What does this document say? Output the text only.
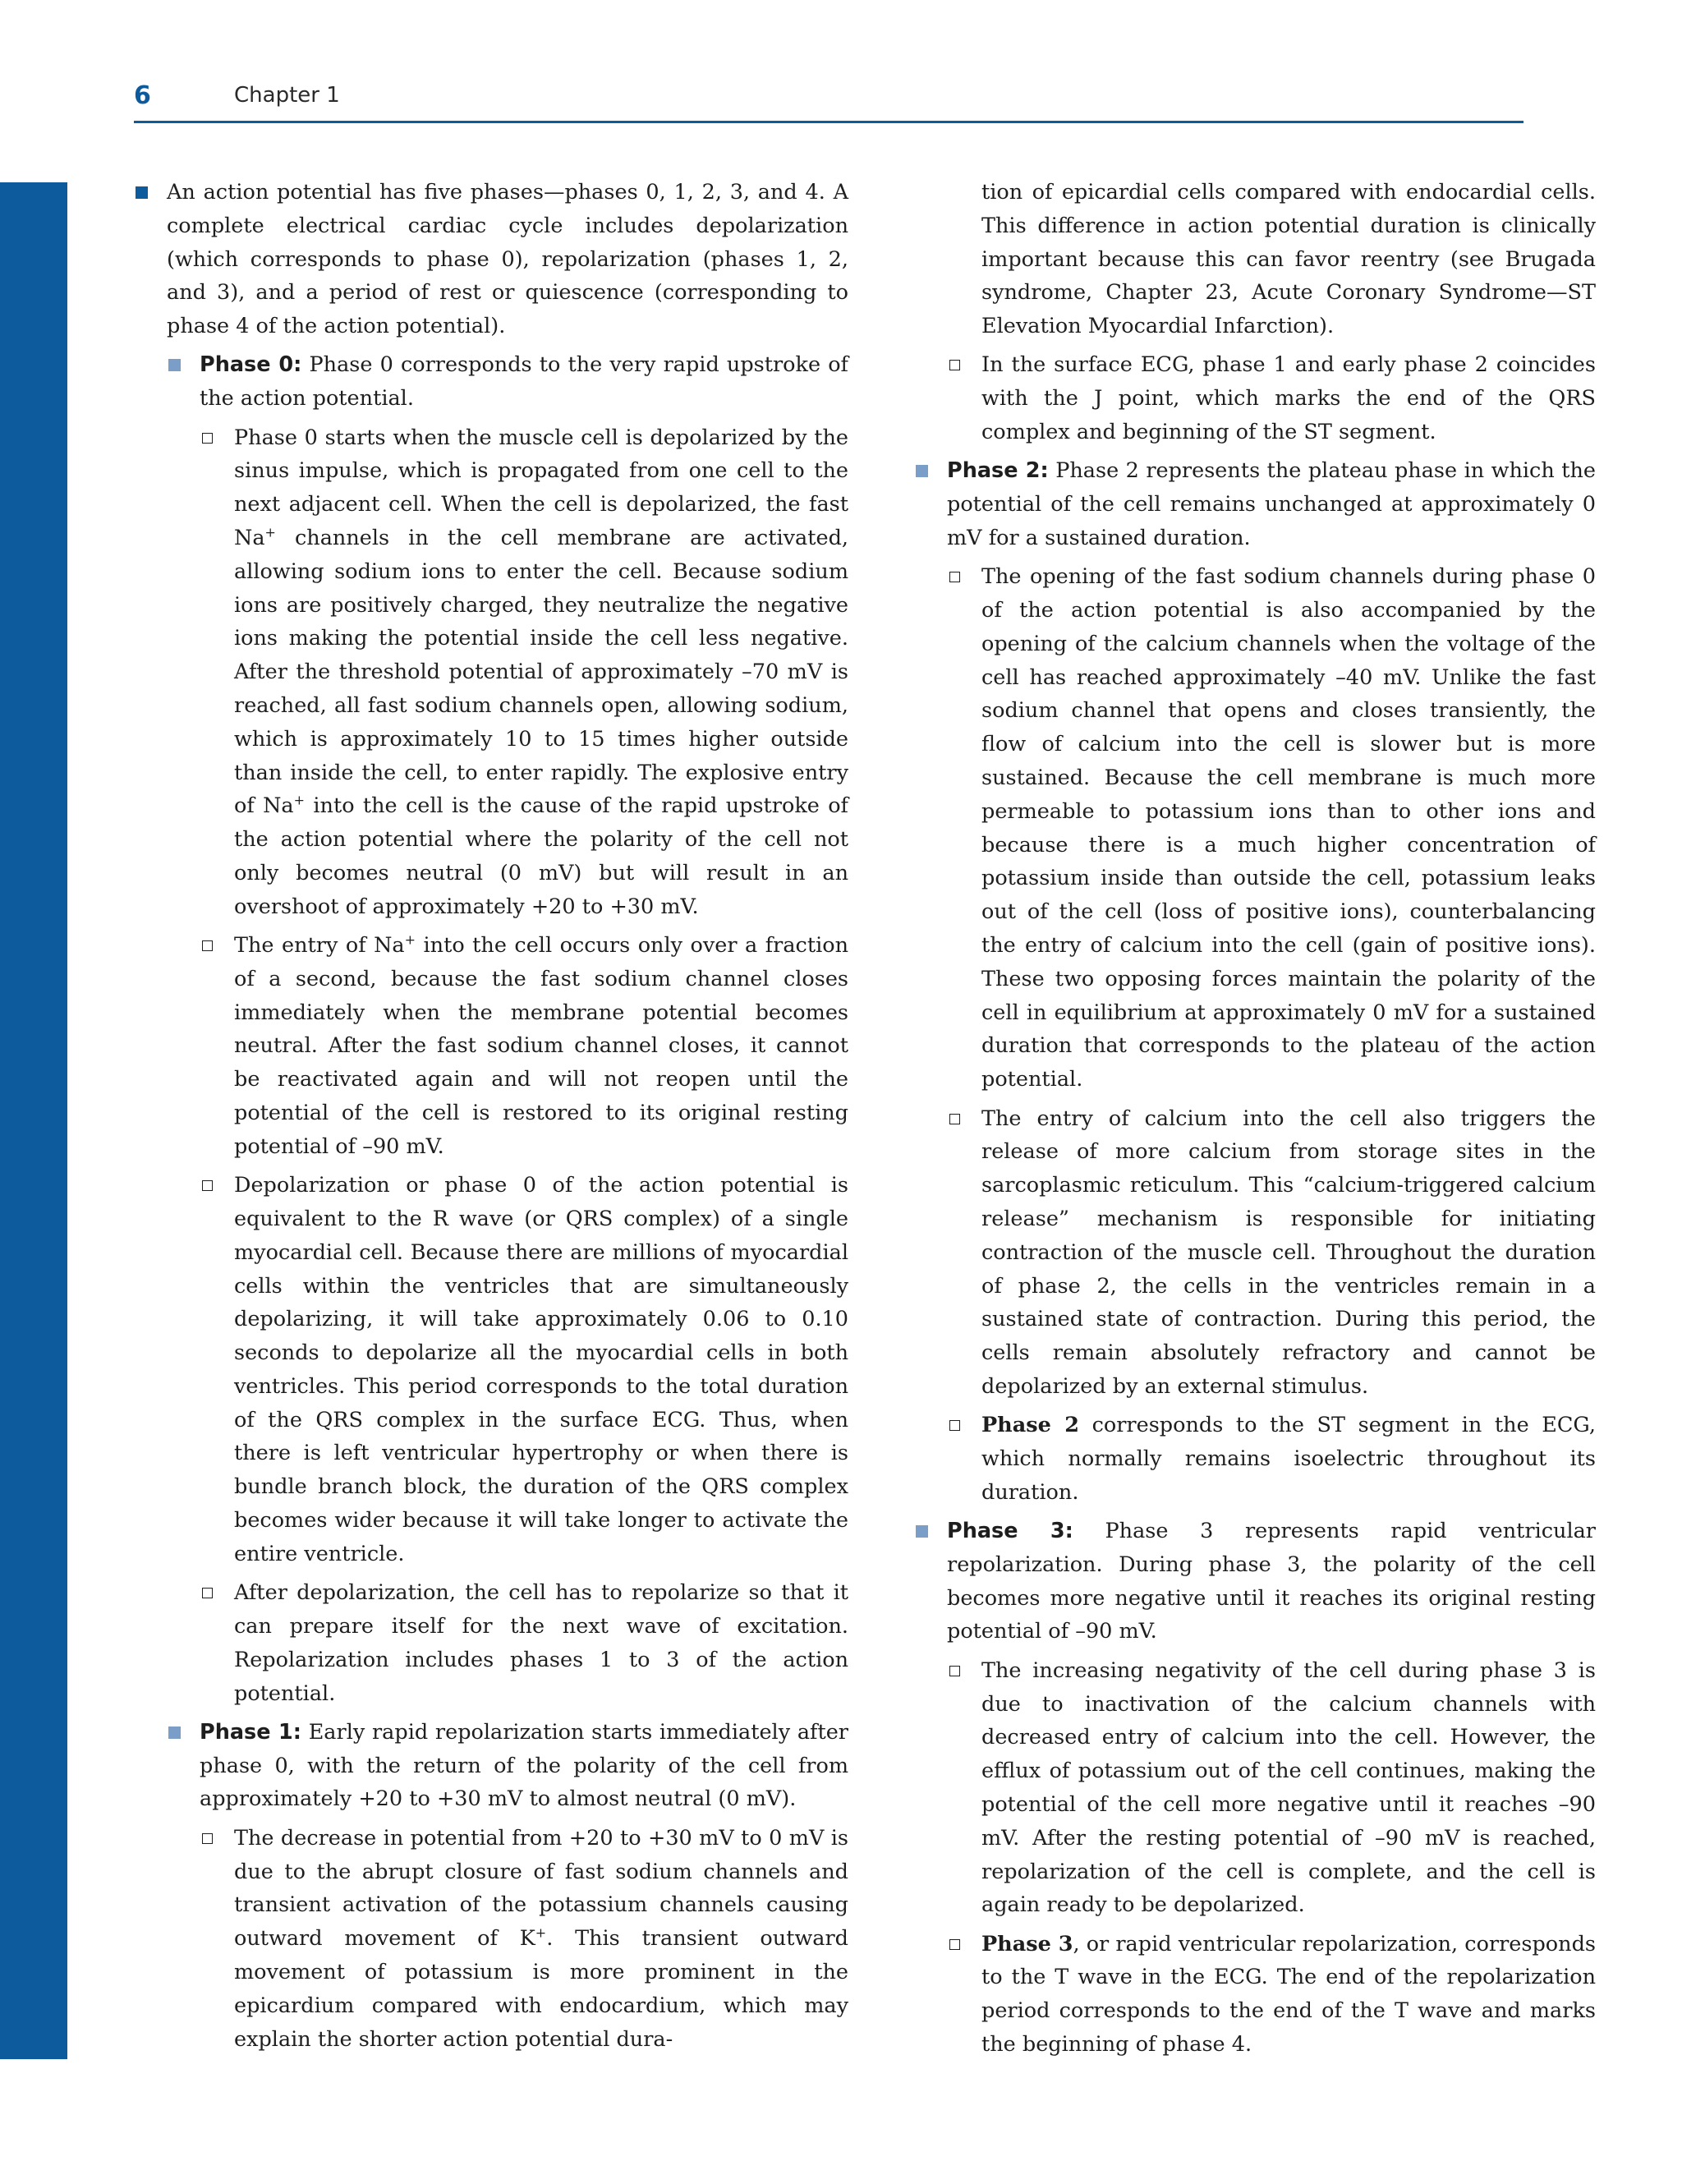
6	Chapter 1

An action potential has five phases—phases 0, 1, 2, 3, and 4. A complete electrical cardiac cycle includes depolarization (which corresponds to phase 0), repolarization (phases 1, 2, and 3), and a period of rest or quiescence (corresponding to phase 4 of the action potential).

Phase 0: Phase 0 corresponds to the very rapid upstroke of the action potential.

Phase 0 starts when the muscle cell is depolarized by the sinus impulse, which is propagated from one cell to the next adjacent cell. When the cell is depolarized, the fast Na+ channels in the cell membrane are activated, allowing sodium ions to enter the cell. Because sodium ions are positively charged, they neutralize the negative ions making the potential inside the cell less negative. After the threshold potential of approximately –70 mV is reached, all fast sodium channels open, allowing sodium, which is approximately 10 to 15 times higher outside than inside the cell, to enter rapidly. The explosive entry of Na+ into the cell is the cause of the rapid upstroke of the action potential where the polarity of the cell not only becomes neutral (0 mV) but will result in an overshoot of approximately +20 to +30 mV.

The entry of Na+ into the cell occurs only over a fraction of a second, because the fast sodium channel closes immediately when the membrane potential becomes neutral. After the fast sodium channel closes, it cannot be reactivated again and will not reopen until the potential of the cell is restored to its original resting potential of –90 mV.

Depolarization or phase 0 of the action potential is equivalent to the R wave (or QRS complex) of a single myocardial cell. Because there are millions of myocardial cells within the ventricles that are simultaneously depolarizing, it will take approximately 0.06 to 0.10 seconds to depolarize all the myocardial cells in both ventricles. This period corresponds to the total duration of the QRS complex in the surface ECG. Thus, when there is left ventricular hypertrophy or when there is bundle branch block, the duration of the QRS complex becomes wider because it will take longer to activate the entire ventricle.

After depolarization, the cell has to repolarize so that it can prepare itself for the next wave of excitation. Repolarization includes phases 1 to 3 of the action potential.

Phase 1: Early rapid repolarization starts immediately after phase 0, with the return of the polarity of the cell from approximately +20 to +30 mV to almost neutral (0 mV).

The decrease in potential from +20 to +30 mV to 0 mV is due to the abrupt closure of fast sodium channels and transient activation of the potassium channels causing outward movement of K+. This transient outward movement of potassium is more prominent in the epicardium compared with endocardium, which may explain the shorter action potential dura-

tion of epicardial cells compared with endocardial cells. This difference in action potential duration is clinically important because this can favor reentry (see Brugada syndrome, Chapter 23, Acute Coronary Syndrome—ST Elevation Myocardial Infarction).

In the surface ECG, phase 1 and early phase 2 coincides with the J point, which marks the end of the QRS complex and beginning of the ST segment.

Phase 2: Phase 2 represents the plateau phase in which the potential of the cell remains unchanged at approximately 0 mV for a sustained duration.

The opening of the fast sodium channels during phase 0 of the action potential is also accompanied by the opening of the calcium channels when the voltage of the cell has reached approximately –40 mV. Unlike the fast sodium channel that opens and closes transiently, the flow of calcium into the cell is slower but is more sustained. Because the cell membrane is much more permeable to potassium ions than to other ions and because there is a much higher concentration of potassium inside than outside the cell, potassium leaks out of the cell (loss of positive ions), counterbalancing the entry of calcium into the cell (gain of positive ions). These two opposing forces maintain the polarity of the cell in equilibrium at approximately 0 mV for a sustained duration that corresponds to the plateau of the action potential.

The entry of calcium into the cell also triggers the release of more calcium from storage sites in the sarcoplasmic reticulum. This “calcium-triggered calcium release” mechanism is responsible for initiating contraction of the muscle cell. Throughout the duration of phase 2, the cells in the ventricles remain in a sustained state of contraction. During this period, the cells remain absolutely refractory and cannot be depolarized by an external stimulus.

Phase 2 corresponds to the ST segment in the ECG, which normally remains isoelectric throughout its duration.

Phase 3: Phase 3 represents rapid ventricular repolarization. During phase 3, the polarity of the cell becomes more negative until it reaches its original resting potential of –90 mV.

The increasing negativity of the cell during phase 3 is due to inactivation of the calcium channels with decreased entry of calcium into the cell. However, the efflux of potassium out of the cell continues, making the potential of the cell more negative until it reaches –90 mV. After the resting potential of –90 mV is reached, repolarization of the cell is complete, and the cell is again ready to be depolarized.

Phase 3, or rapid ventricular repolarization, corresponds to the T wave in the ECG. The end of the repolarization period corresponds to the end of the T wave and marks the beginning of phase 4.
